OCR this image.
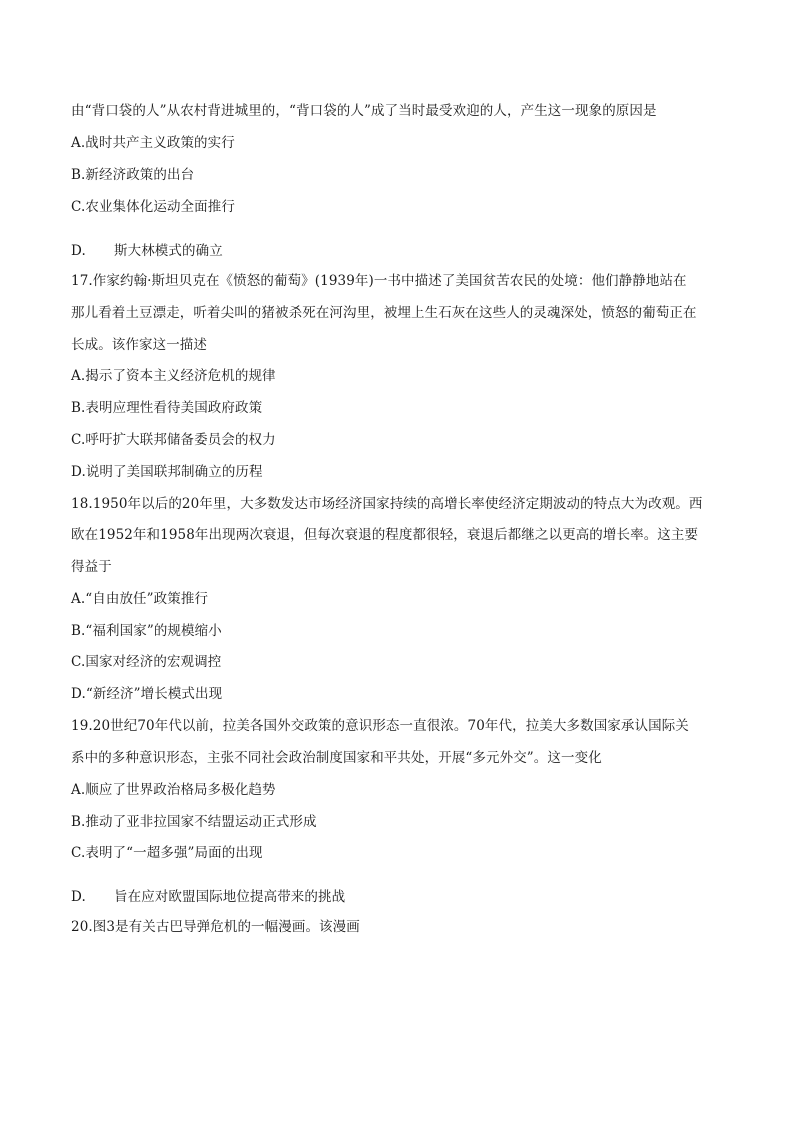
由“背口袋的人”从农村背进城里的，“背口袋的人”成了当时最受欢迎的人，产生这一现象的原因是
A.战时共产主义政策的实行
B.新经济政策的出台
C.农业集体化运动全面推行
D.	斯大林模式的确立
17.作家约翰·斯坦贝克在《愤怒的葡萄》(1939年)一书中描述了美国贫苦农民的处境：他们静静地站在
那儿看着土豆漂走，听着尖叫的猪被杀死在河沟里，被埋上生石灰在这些人的灵魂深处，愤怒的葡萄正在
长成。该作家这一描述
A.揭示了资本主义经济危机的规律
B.表明应理性看待美国政府政策
C.呼吁扩大联邦储备委员会的权力
D.说明了美国联邦制确立的历程
18.1950年以后的20年里，大多数发达市场经济国家持续的高增长率使经济定期波动的特点大为改观。西
欧在1952年和1958年出现两次衰退，但每次衰退的程度都很轻，衰退后都继之以更高的增长率。这主要
得益于
A.“自由放任”政策推行
B.“福利国家”的规模缩小
C.国家对经济的宏观调控
D.“新经济”增长模式出现
19.20世纪70年代以前，拉美各国外交政策的意识形态一直很浓。70年代，拉美大多数国家承认国际关
系中的多种意识形态，主张不同社会政治制度国家和平共处，开展“多元外交”。这一变化
A.顺应了世界政治格局多极化趋势
B.推动了亚非拉国家不结盟运动正式形成
C.表明了“一超多强”局面的出现
D.	旨在应对欧盟国际地位提高带来的挑战
20.图3是有关古巴导弹危机的一幅漫画。该漫画
